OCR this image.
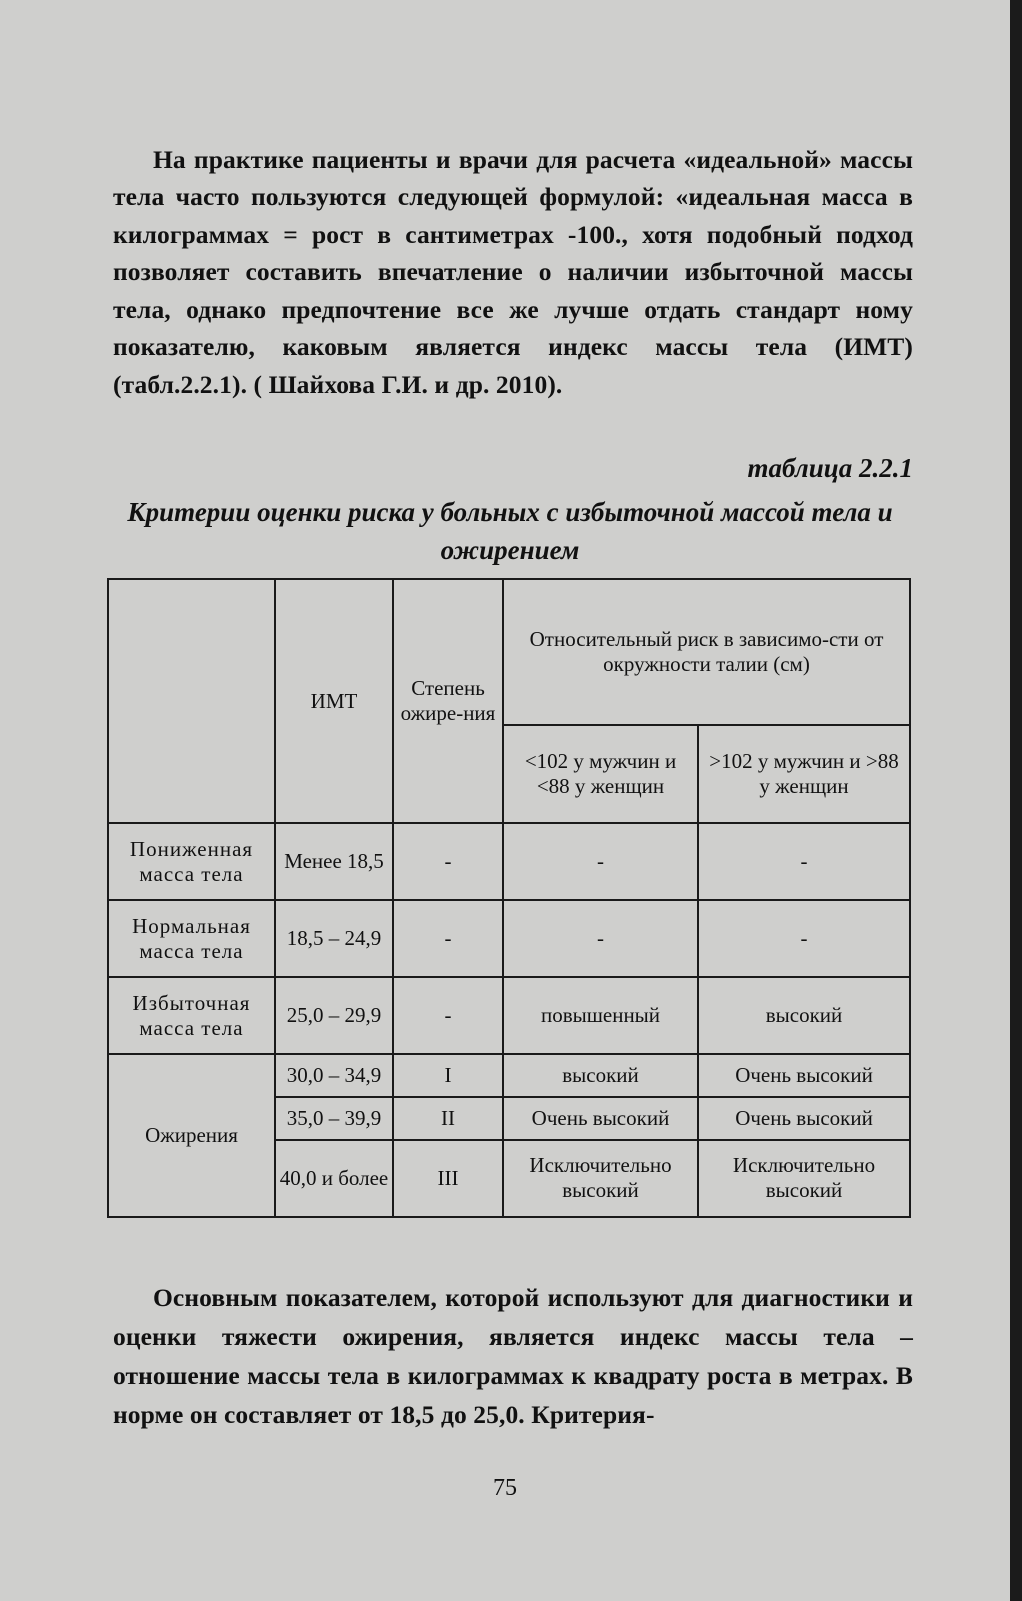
На практике пациенты и врачи для расчета «идеальной» массы тела часто пользуются следующей формулой: «идеальная масса в килограммах = рост в сантиметрах -100., хотя подобный подход позволяет составить впечатление о наличии избыточной массы тела, однако предпочтение все же лучше отдать стандарт ному показателю, каковым является индекс массы тела (ИМТ) (табл.2.2.1). ( Шайхова Г.И. и др. 2010).

таблица 2.2.1
Критерии оценки риска у больных с избыточной массой тела и ожирением
	ИМТ	Степень ожире-ния	Относительный риск в зависимо-сти от окружности талии (см)	
			<102 у мужчин и <88 у женщин	>102 у мужчин и >88 у женщин
Пониженная масса тела	Менее 18,5	-	-	-
Нормальная масса тела	18,5 – 24,9	-	-	-
Избыточная масса тела	25,0 – 29,9	-	повышенный	высокий
Ожирения	30,0 – 34,9	I	высокий	Очень высокий
	35,0 – 39,9	II	Очень высокий	Очень высокий
	40,0 и более	III	Исключительно высокий	Исключительно высокий

Основным показателем, которой используют для диагностики и оценки тяжести ожирения, является индекс массы тела – отношение массы тела в килограммах к квадрату роста в метрах. В норме он составляет от 18,5 до 25,0. Критерия-

75
